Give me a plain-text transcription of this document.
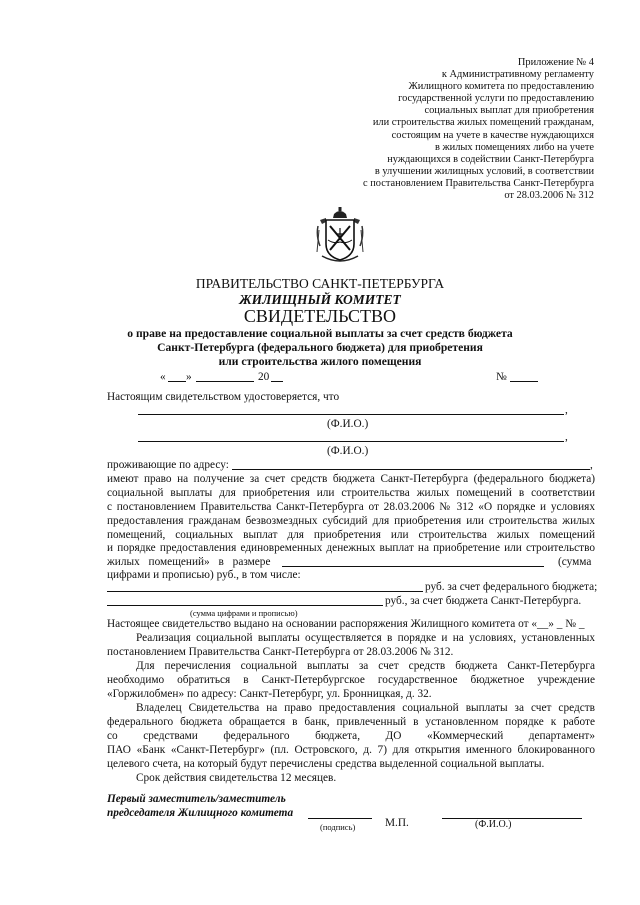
Приложение № 4
к Административному регламенту
Жилищного комитета по предоставлению
государственной услуги по предоставлению
социальных выплат для приобретения
или строительства жилых помещений гражданам,
состоящим на учете в качестве нуждающихся
в жилых помещениях либо на учете
нуждающихся в содействии Санкт-Петербурга
в улучшении жилищных условий, в соответствии
с постановлением Правительства Санкт-Петербурга
от 28.03.2006 № 312
ПРАВИТЕЛЬСТВО САНКТ-ПЕТЕРБУРГА
ЖИЛИЩНЫЙ КОМИТЕТ
СВИДЕТЕЛЬСТВО
о праве на предоставление социальной выплаты за счет средств бюджета
Санкт-Петербурга (федерального бюджета) для приобретения
или строительства жилого помещения
« »	20	№
Настоящим свидетельством удостоверяется, что
,
(Ф.И.О.)
,
(Ф.И.О.)
проживающие по адресу:	,
имеют право на получение за счет средств бюджета Санкт-Петербурга (федерального бюджета)
социальной выплаты для приобретения или строительства жилых помещений в соответствии
с постановлением Правительства Санкт-Петербурга от 28.03.2006 № 312 «О порядке и условиях
предоставления гражданам безвозмездных субсидий для приобретения или строительства жилых
помещений, социальных выплат для приобретения или строительства жилых помещений
и порядке предоставления единовременных денежных выплат на приобретение или строительство
жилых помещений» в размере	(сумма
цифрами и прописью) руб., в том числе:
руб. за счет федерального бюджета;
руб., за счет бюджета Санкт-Петербурга.
(сумма цифрами и прописью)
Настоящее свидетельство выдано на основании распоряжения Жилищного комитета от «__» _ № _
Реализация социальной выплаты осуществляется в порядке и на условиях, установленных
постановлением Правительства Санкт-Петербурга от 28.03.2006 № 312.
Для перечисления социальной выплаты за счет средств бюджета Санкт-Петербурга
необходимо обратиться в Санкт-Петербургское государственное бюджетное учреждение
«Горжилобмен» по адресу: Санкт-Петербург, ул. Бронницкая, д. 32.
Владелец Свидетельства на право предоставления социальной выплаты за счет средств
федерального бюджета обращается в банк, привлеченный в установленном порядке к работе
со средствами федерального бюджета, ДО «Коммерческий департамент»
ПАО «Банк «Санкт-Петербург» (пл. Островского, д. 7) для открытия именного блокированного
целевого счета, на который будут перечислены средства выделенной социальной выплаты.
Срок действия свидетельства 12 месяцев.
Первый заместитель/заместитель
председателя Жилищного комитета
(подпись)	М.П.	(Ф.И.О.)
